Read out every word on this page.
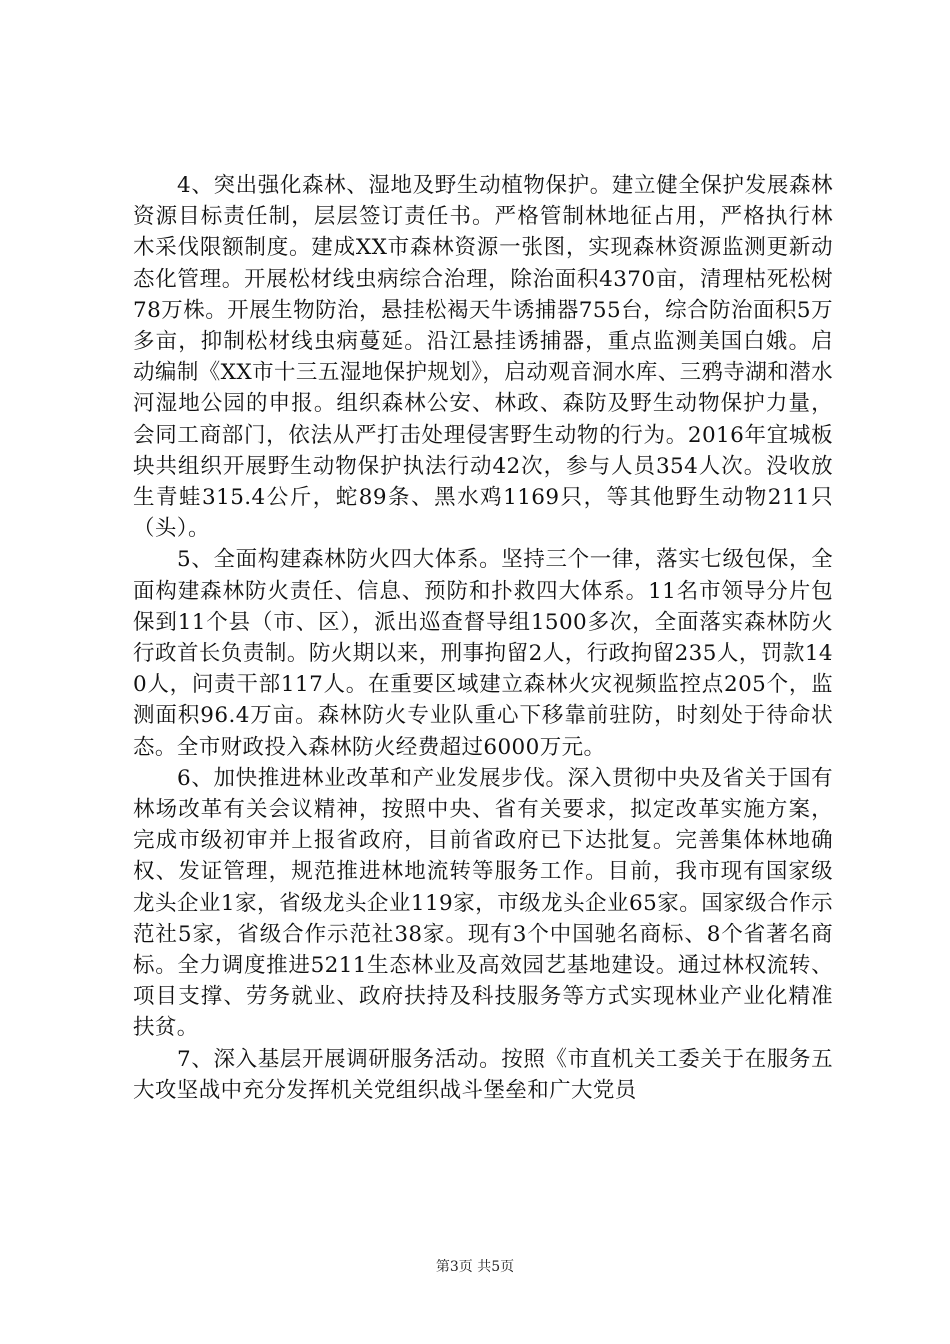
4、突出强化森林、湿地及野生动植物保护。建立健全保护发展森林资源目标责任制，层层签订责任书。严格管制林地征占用，严格执行林木采伐限额制度。建成XX市森林资源一张图，实现森林资源监测更新动态化管理。开展松材线虫病综合治理，除治面积4370亩，清理枯死松树78万株。开展生物防治，悬挂松褐天牛诱捕器755台，综合防治面积5万多亩，抑制松材线虫病蔓延。沿江悬挂诱捕器，重点监测美国白娥。启动编制《XX市十三五湿地保护规划》，启动观音洞水库、三鸦寺湖和潜水河湿地公园的申报。组织森林公安、林政、森防及野生动物保护力量，会同工商部门，依法从严打击处理侵害野生动物的行为。2016年宜城板块共组织开展野生动物保护执法行动42次，参与人员354人次。没收放生青蛙315.4公斤，蛇89条、黑水鸡1169只，等其他野生动物211只（头）。

5、全面构建森林防火四大体系。坚持三个一律，落实七级包保，全面构建森林防火责任、信息、预防和扑救四大体系。11名市领导分片包保到11个县（市、区），派出巡查督导组1500多次，全面落实森林防火行政首长负责制。防火期以来，刑事拘留2人，行政拘留235人，罚款140人，问责干部117人。在重要区域建立森林火灾视频监控点205个，监测面积96.4万亩。森林防火专业队重心下移靠前驻防，时刻处于待命状态。全市财政投入森林防火经费超过6000万元。

6、加快推进林业改革和产业发展步伐。深入贯彻中央及省关于国有林场改革有关会议精神，按照中央、省有关要求，拟定改革实施方案，完成市级初审并上报省政府，目前省政府已下达批复。完善集体林地确权、发证管理，规范推进林地流转等服务工作。目前，我市现有国家级龙头企业1家，省级龙头企业119家，市级龙头企业65家。国家级合作示范社5家，省级合作示范社38家。现有3个中国驰名商标、8个省著名商标。全力调度推进5211生态林业及高效园艺基地建设。通过林权流转、项目支撑、劳务就业、政府扶持及科技服务等方式实现林业产业化精准扶贫。

7、深入基层开展调研服务活动。按照《市直机关工委关于在服务五大攻坚战中充分发挥机关党组织战斗堡垒和广大党员

第3页 共5页
